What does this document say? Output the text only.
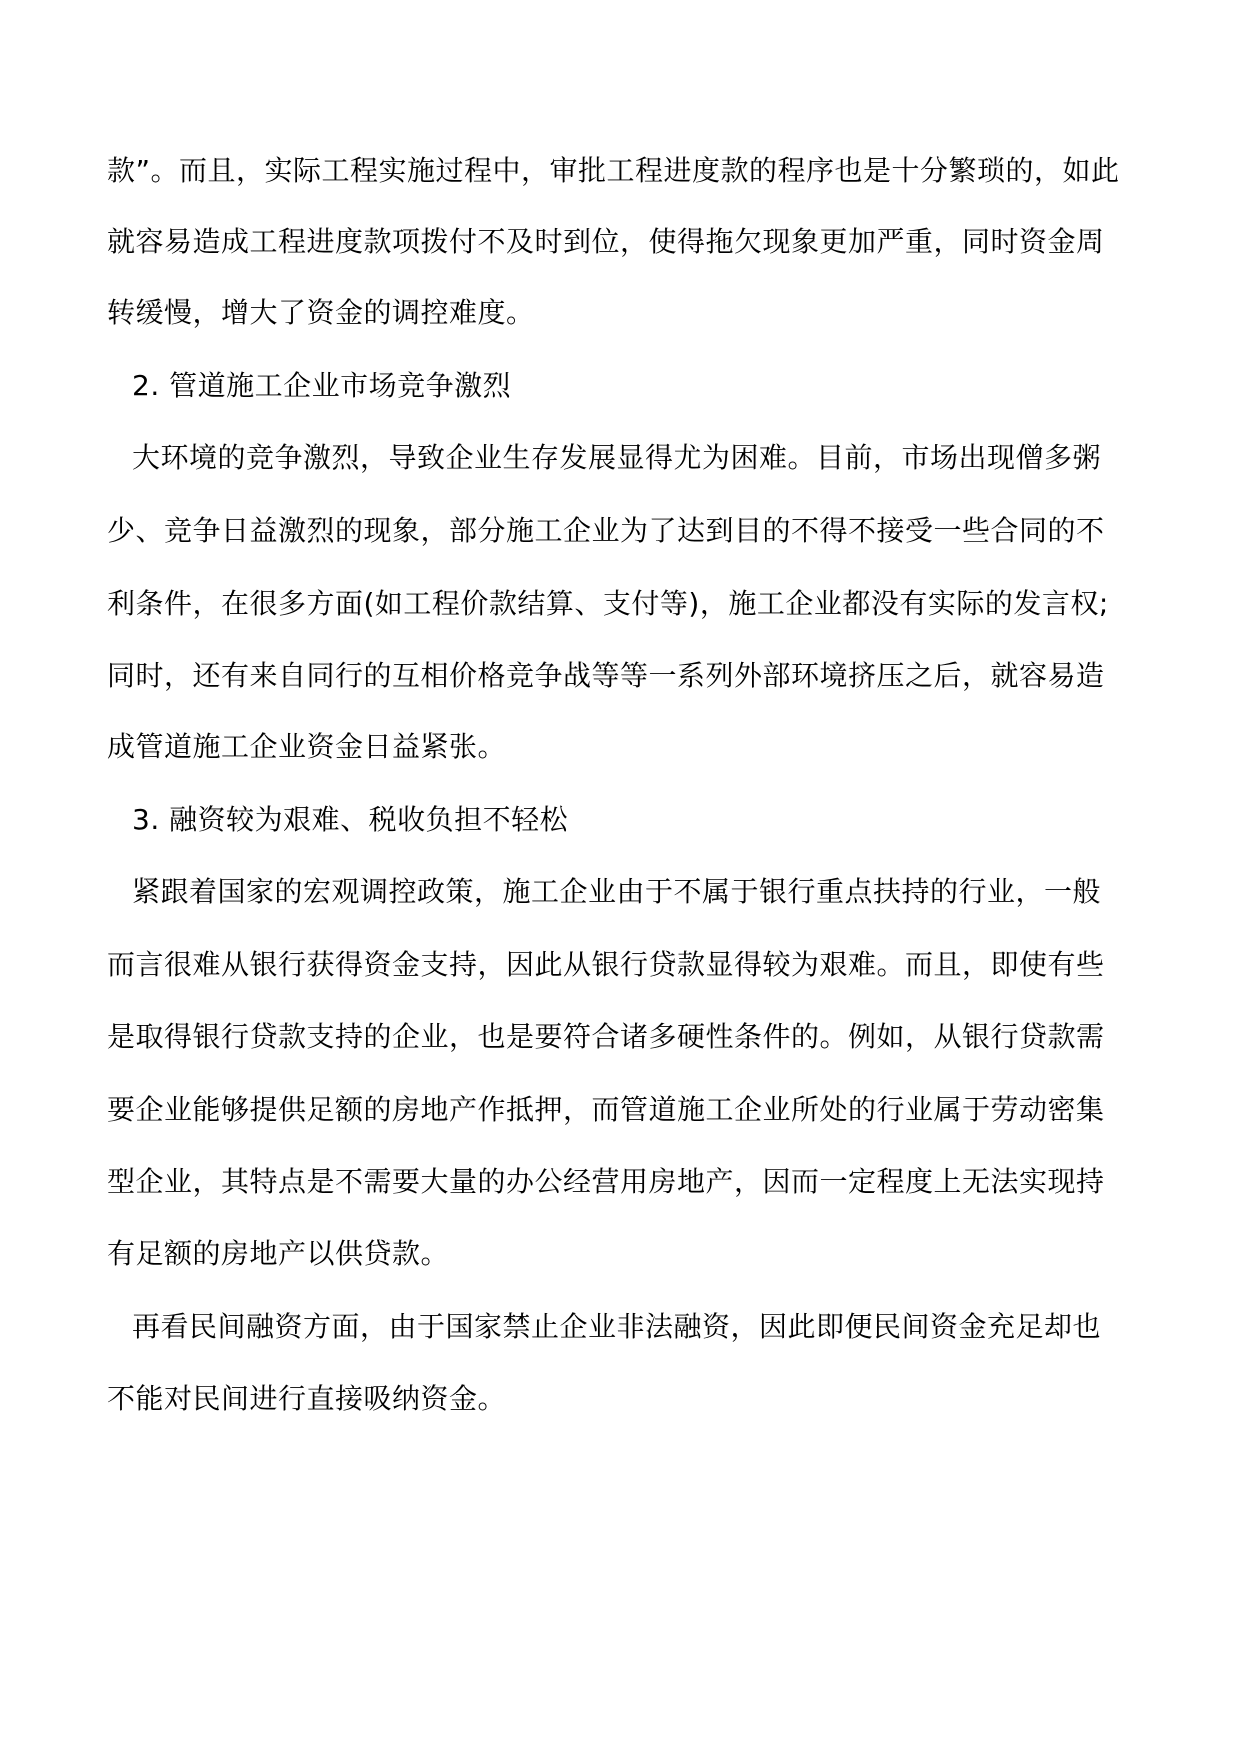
款”。而且，实际工程实施过程中，审批工程进度款的程序也是十分繁琐的，如此
就容易造成工程进度款项拨付不及时到位，使得拖欠现象更加严重，同时资金周
转缓慢，增大了资金的调控难度。
2. 管道施工企业市场竞争激烈
大环境的竞争激烈，导致企业生存发展显得尤为困难。目前，市场出现僧多粥
少、竞争日益激烈的现象，部分施工企业为了达到目的不得不接受一些合同的不
利条件，在很多方面(如工程价款结算、支付等)，施工企业都没有实际的发言权;
同时，还有来自同行的互相价格竞争战等等一系列外部环境挤压之后，就容易造
成管道施工企业资金日益紧张。
3. 融资较为艰难、税收负担不轻松
紧跟着国家的宏观调控政策，施工企业由于不属于银行重点扶持的行业，一般
而言很难从银行获得资金支持，因此从银行贷款显得较为艰难。而且，即使有些
是取得银行贷款支持的企业，也是要符合诸多硬性条件的。例如，从银行贷款需
要企业能够提供足额的房地产作抵押，而管道施工企业所处的行业属于劳动密集
型企业，其特点是不需要大量的办公经营用房地产，因而一定程度上无法实现持
有足额的房地产以供贷款。
再看民间融资方面，由于国家禁止企业非法融资，因此即便民间资金充足却也
不能对民间进行直接吸纳资金。
